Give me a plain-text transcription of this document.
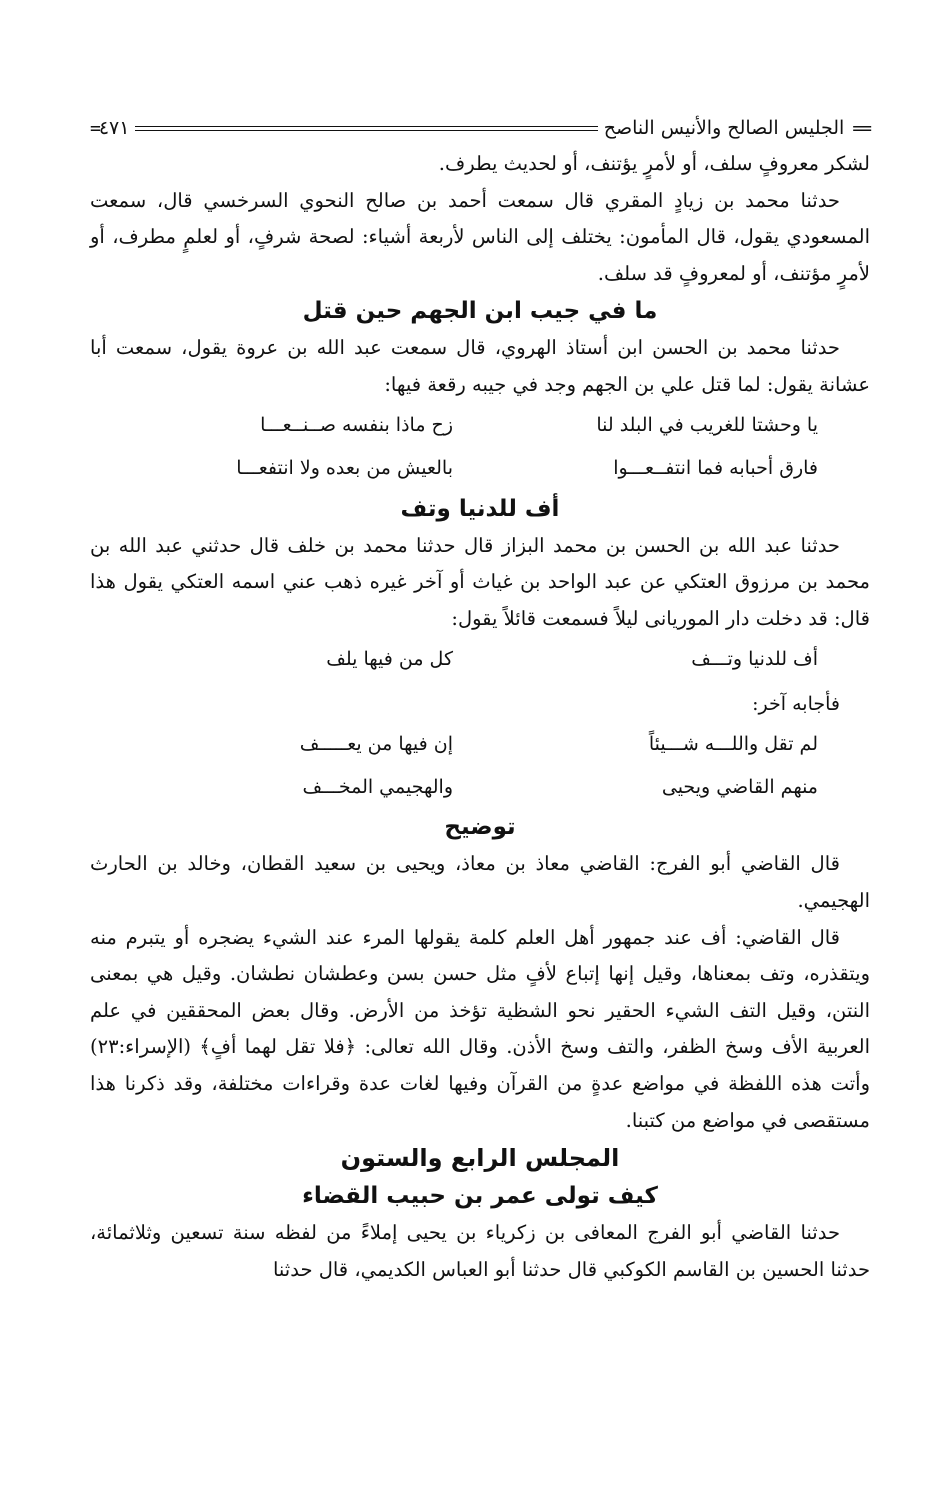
==
الجليس الصالح والأنيس الناصح
٤٧١
=

لشكر معروفٍ سلف، أو لأمرٍ يؤتنف، أو لحديث يطرف.

حدثنا محمد بن زيادٍ المقري قال سمعت أحمد بن صالح النحوي السرخسي قال، سمعت المسعودي يقول، قال المأمون: يختلف إلى الناس لأربعة أشياء: لصحة شرفٍ، أو لعلمٍ مطرف، أو لأمرٍ مؤتنف، أو لمعروفٍ قد سلف.

ما في جيب ابن الجهم حين قتل

حدثنا محمد بن الحسن ابن أستاذ الهروي، قال سمعت عبد الله بن عروة يقول، سمعت أبا عشانة يقول: لما قتل علي بن الجهم وجد في جيبه رقعة فيها:

يا وحشتا للغريب في البلد لنا
زح ماذا بنفسه صــنــعـــا
فارق أحبابه فما انتفــعـــوا
بالعيش من بعده ولا انتفعـــا
أف للدنيا وتف

حدثنا عبد الله بن الحسن بن محمد البزاز قال حدثنا محمد بن خلف قال حدثني عبد الله بن محمد بن مرزوق العتكي عن عبد الواحد بن غياث أو آخر غيره ذهب عني اسمه العتكي يقول هذا قال: قد دخلت دار الموريانى ليلاً فسمعت قائلاً يقول:

أف للدنيا وتـــف
كل من فيها يلف

فأجابه آخر:

لم تقل واللـــه شـــيئاً
إن فيها من يعـــــف
منهم القاضي ويحيى
والهجيمي المخـــف
توضيح

قال القاضي أبو الفرج: القاضي معاذ بن معاذ، ويحيى بن سعيد القطان، وخالد بن الحارث الهجيمي.

قال القاضي: أف عند جمهور أهل العلم كلمة يقولها المرء عند الشيء يضجره أو يتبرم منه ويتقذره، وتف بمعناها، وقيل إنها إتباع لأفٍ مثل حسن بسن وعطشان نطشان. وقيل هي بمعنى النتن، وقيل التف الشيء الحقير نحو الشظية تؤخذ من الأرض. وقال بعض المحققين في علم العربية الأف وسخ الظفر، والتف وسخ الأذن. وقال الله تعالى: ﴿فلا تقل لهما أفٍ﴾ (الإسراء:٢٣) وأتت هذه اللفظة في مواضع عدةٍ من القرآن وفيها لغات عدة وقراءات مختلفة، وقد ذكرنا هذا مستقصى في مواضع من كتبنا.

المجلس الرابع والستون
كيف تولى عمر بن حبيب القضاء

حدثنا القاضي أبو الفرج المعافى بن زكرياء بن يحيى إملاءً من لفظه سنة تسعين وثلاثمائة، حدثنا الحسين بن القاسم الكوكبي قال حدثنا أبو العباس الكديمي، قال حدثنا
